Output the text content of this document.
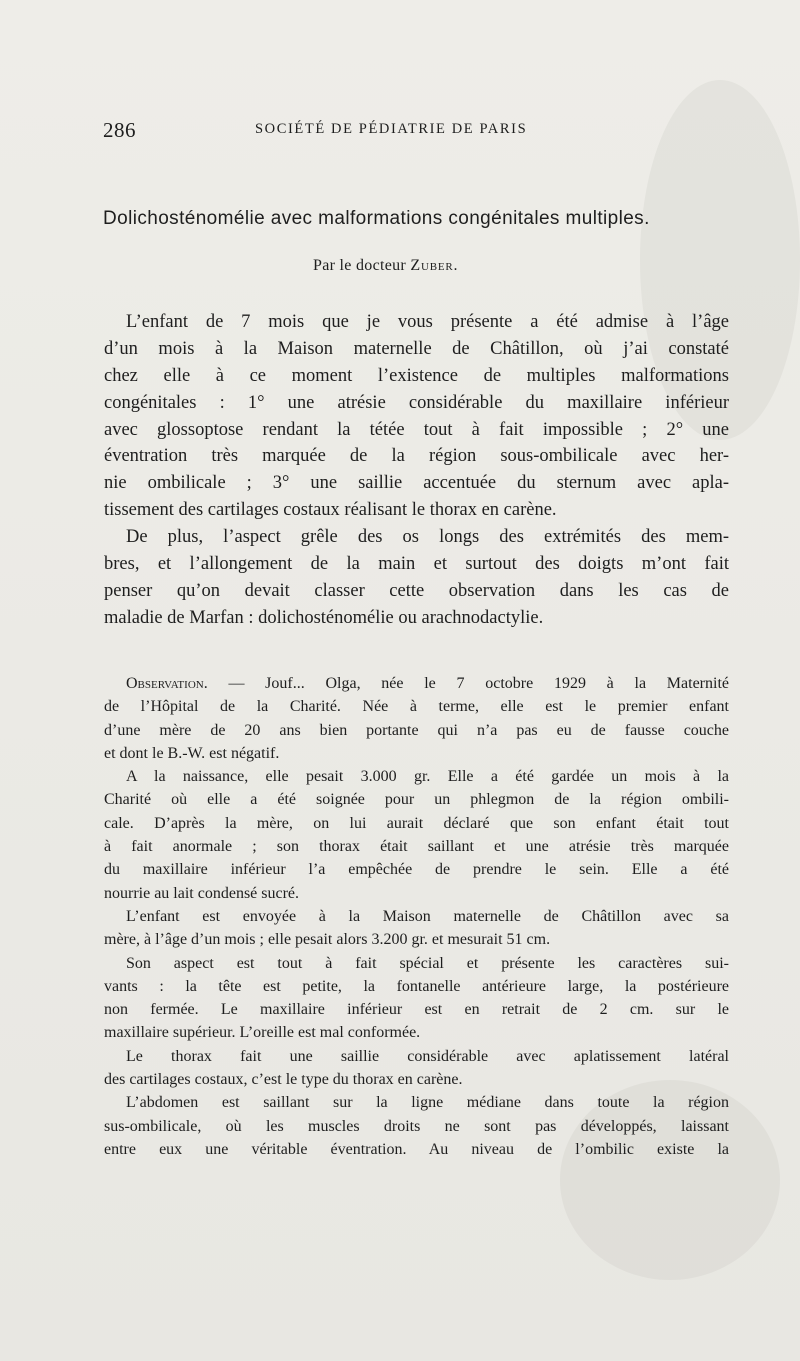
286	SOCIÉTÉ DE PÉDIATRIE DE PARIS
Dolichosténomélie avec malformations congénitales multiples.
Par le docteur Zuber.
L’enfant de 7 mois que je vous présente a été admise à l’âge
d’un mois à la Maison maternelle de Châtillon, où j’ai constaté
chez elle à ce moment l’existence de multiples malformations
congénitales : 1° une atrésie considérable du maxillaire inférieur
avec glossoptose rendant la tétée tout à fait impossible ; 2° une
éventration très marquée de la région sous-ombilicale avec her-
nie ombilicale ; 3° une saillie accentuée du sternum avec apla-
tissement des cartilages costaux réalisant le thorax en carène.
De plus, l’aspect grêle des os longs des extrémités des mem-
bres, et l’allongement de la main et surtout des doigts m’ont fait
penser qu’on devait classer cette observation dans les cas de
maladie de Marfan : dolichosténomélie ou arachnodactylie.
Observation. — Jouf... Olga, née le 7 octobre 1929 à la Maternité
de l’Hôpital de la Charité. Née à terme, elle est le premier enfant
d’une mère de 20 ans bien portante qui n’a pas eu de fausse couche
et dont le B.-W. est négatif.
A la naissance, elle pesait 3.000 gr. Elle a été gardée un mois à la
Charité où elle a été soignée pour un phlegmon de la région ombili-
cale. D’après la mère, on lui aurait déclaré que son enfant était tout
à fait anormale ; son thorax était saillant et une atrésie très marquée
du maxillaire inférieur l’a empêchée de prendre le sein. Elle a été
nourrie au lait condensé sucré.
L’enfant est envoyée à la Maison maternelle de Châtillon avec sa
mère, à l’âge d’un mois ; elle pesait alors 3.200 gr. et mesurait 51 cm.
Son aspect est tout à fait spécial et présente les caractères sui-
vants : la tête est petite, la fontanelle antérieure large, la postérieure
non fermée. Le maxillaire inférieur est en retrait de 2 cm. sur le
maxillaire supérieur. L’oreille est mal conformée.
Le thorax fait une saillie considérable avec aplatissement latéral
des cartilages costaux, c’est le type du thorax en carène.
L’abdomen est saillant sur la ligne médiane dans toute la région
sus-ombilicale, où les muscles droits ne sont pas développés, laissant
entre eux une véritable éventration. Au niveau de l’ombilic existe la
